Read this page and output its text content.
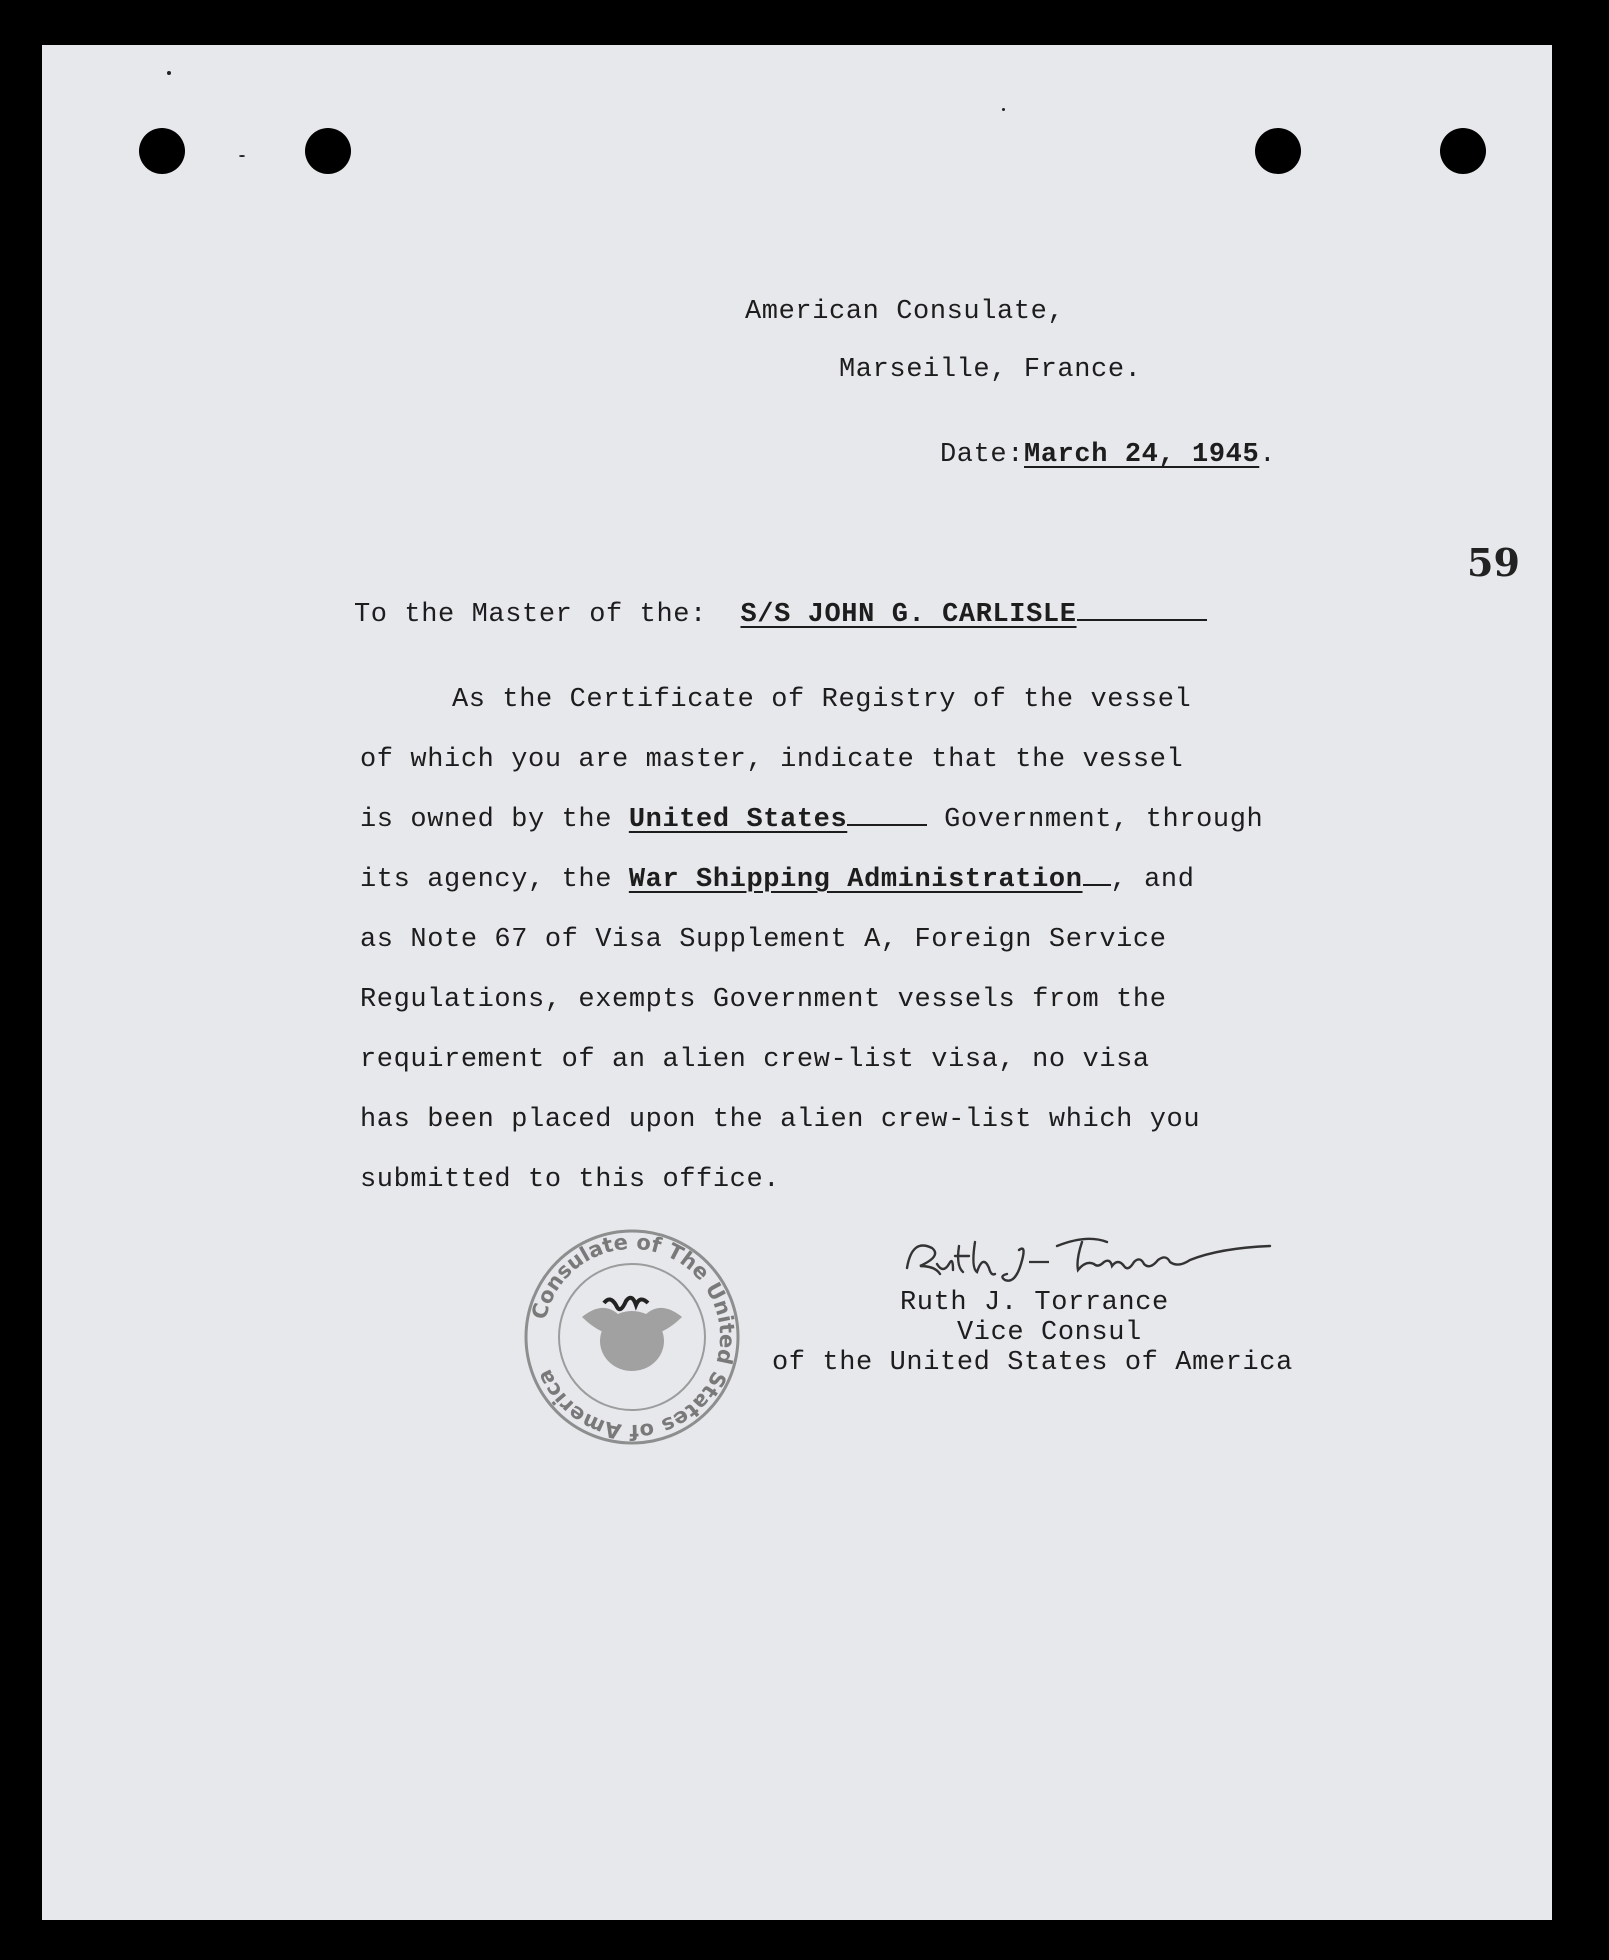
59

American Consulate,

Marseille, France.

Date:March 24, 1945.

To the Master of the: S/S JOHN G. CARLISLE

As the Certificate of Registry of the vessel

of which you are master, indicate that the vessel

is owned by the United States	Government, through

its agency, the War Shipping Administration , and

as Note 67 of Visa Supplement A, Foreign Service

Regulations, exempts Government vessels from the

requirement of an alien crew-list visa, no visa

has been placed upon the alien crew-list which you

submitted to this office.

Consulate of The United States of America

Ruth J. Torrance

Vice Consul

of the United States of America
